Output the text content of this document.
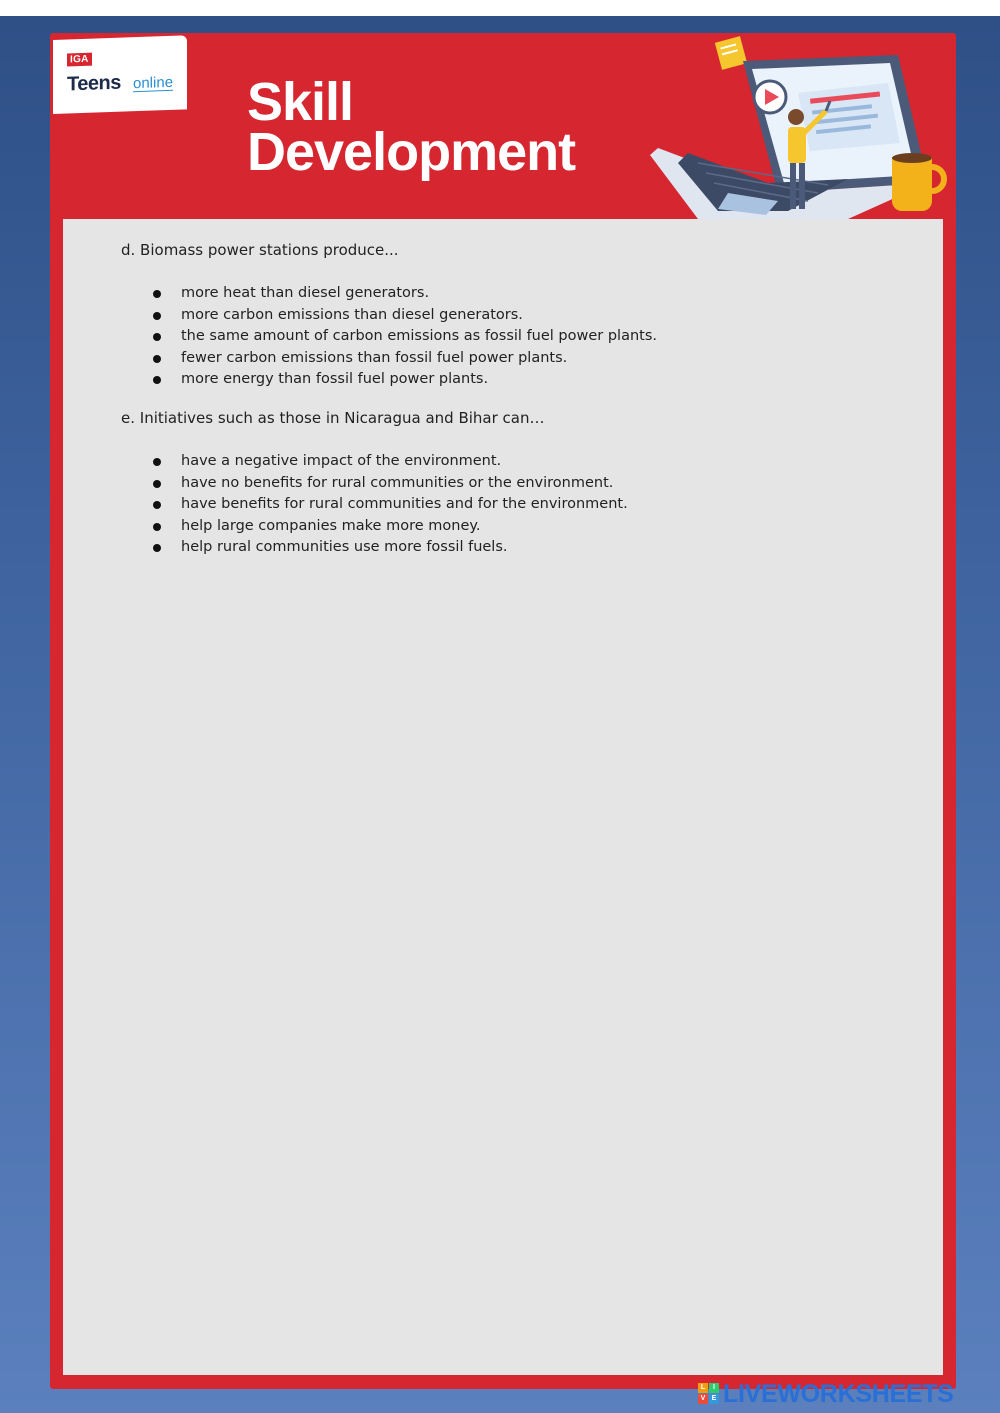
IGA
Teens online Skill
Development
d. Biomass power stations produce...
more heat than diesel generators.
more carbon emissions than diesel generators.
the same amount of carbon emissions as fossil fuel power plants.
fewer carbon emissions than fossil fuel power plants.
more energy than fossil fuel power plants.
e. Initiatives such as those in Nicaragua and Bihar can…
have a negative impact of the environment.
have no benefits for rural communities or the environment.
have benefits for rural communities and for the environment.
help large companies make more money.
help rural communities use more fossil fuels.
L	I
V E LIVEWORKSHEETS
